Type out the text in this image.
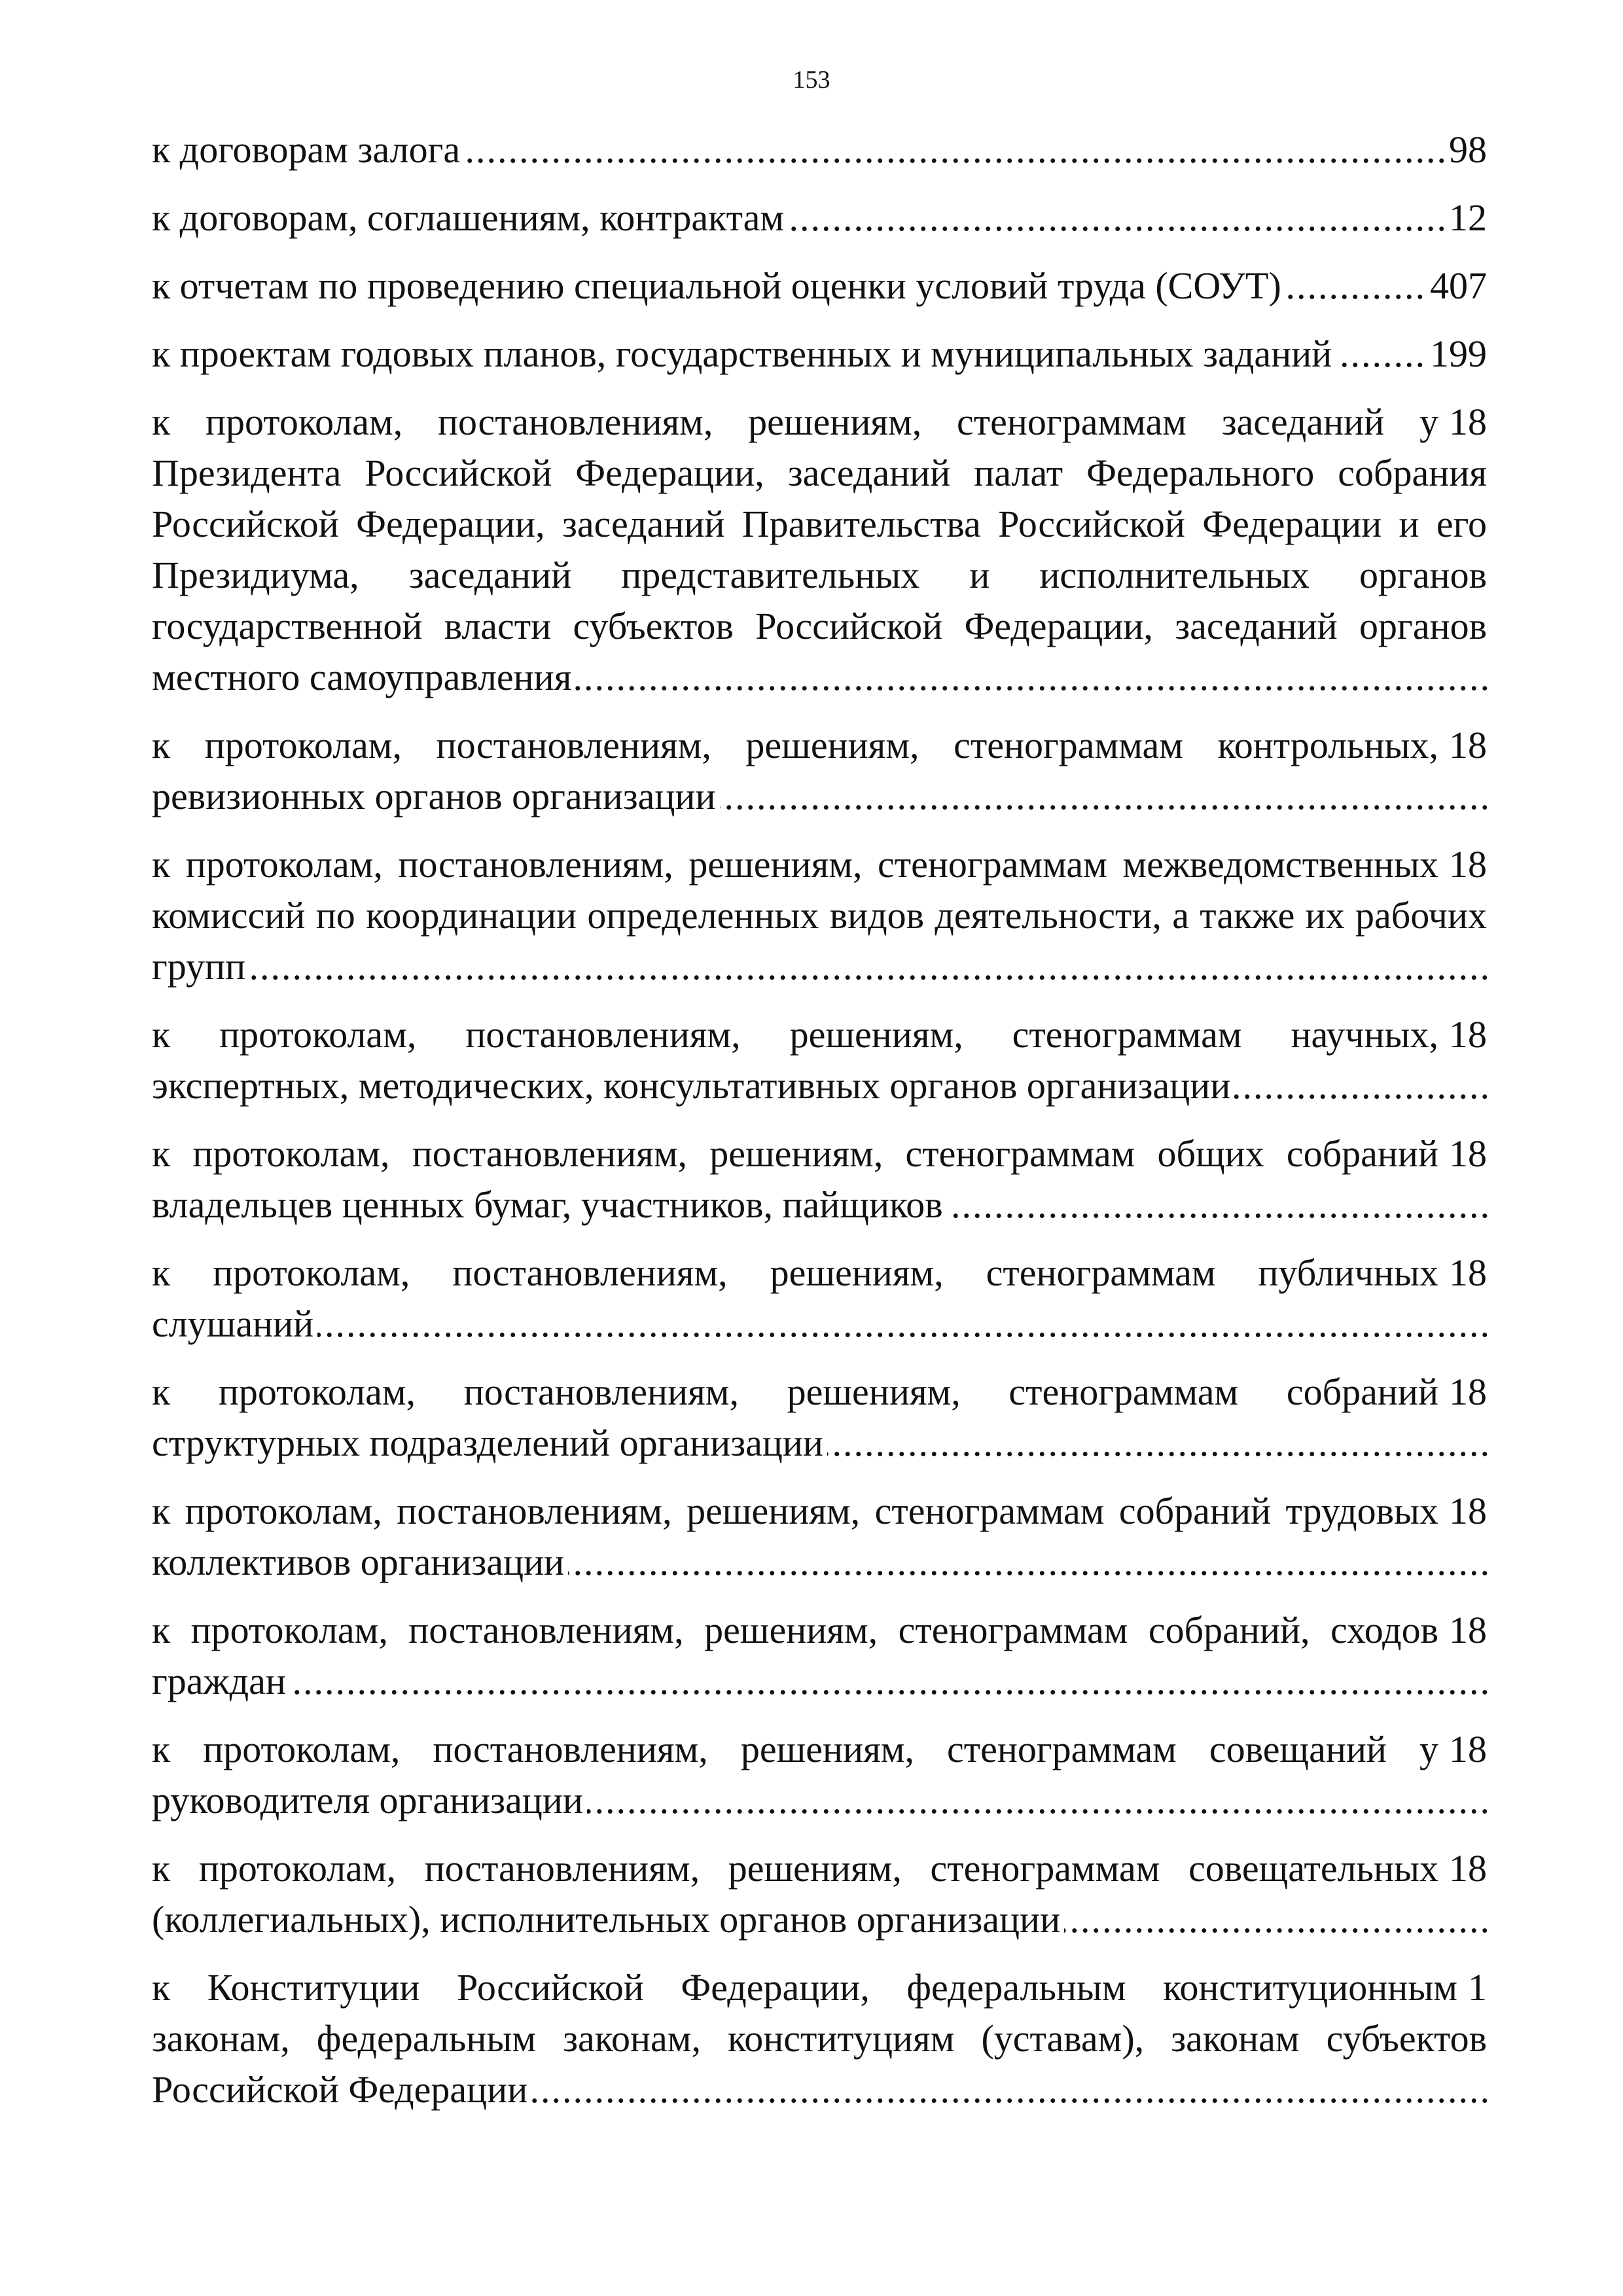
153
.....
98
к договорам залога
.....
12
к договорам, соглашениям, контрактам
.....
407
к отчетам по проведению специальной оценки условий труда (СОУТ)
.....
199
к проектам годовых планов, государственных и муниципальных заданий
.....
18
к протоколам, постановлениям, решениям, стенограммам заседаний у Президента Российской Федерации, заседаний палат Федерального собрания Российской Федерации, заседаний Правительства Российской Федерации и его Президиума, заседаний представительных и исполнительных органов государственной власти субъектов Российской Федерации, заседаний органов местного самоуправления
.....
18
к протоколам, постановлениям, решениям, стенограммам контрольных, ревизионных органов организации
.....
18
к протоколам, постановлениям, решениям, стенограммам межведомственных комиссий по координации определенных видов деятельности, а также их рабочих групп
.....
18
к протоколам, постановлениям, решениям, стенограммам научных, экспертных, методических, консультативных органов организации
.....
18
к протоколам, постановлениям, решениям, стенограммам общих собраний владельцев ценных бумаг, участников, пайщиков
.....
18
к протоколам, постановлениям, решениям, стенограммам публичных слушаний
.....
18
к протоколам, постановлениям, решениям, стенограммам собраний структурных подразделений организации
.....
18
к протоколам, постановлениям, решениям, стенограммам собраний трудовых коллективов организации
.....
18
к протоколам, постановлениям, решениям, стенограммам собраний, сходов граждан
.....
18
к протоколам, постановлениям, решениям, стенограммам совещаний у руководителя организации
.....
18
к протоколам, постановлениям, решениям, стенограммам совещательных (коллегиальных), исполнительных органов организации
.....
1
к Конституции Российской Федерации, федеральным конституционным законам, федеральным законам, конституциям (уставам), законам субъектов Российской Федерации
